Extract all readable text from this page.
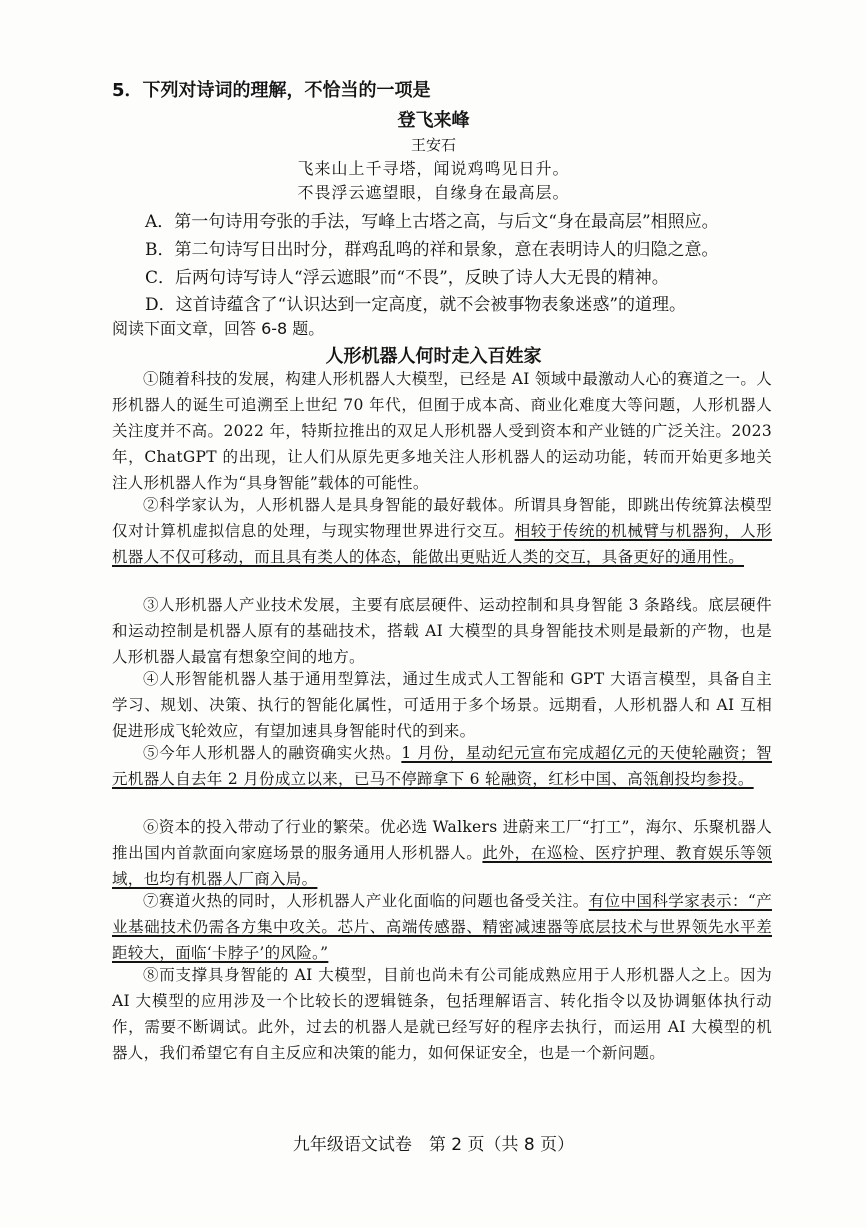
5．下列对诗词的理解，不恰当的一项是
登飞来峰
王安石
飞来山上千寻塔，闻说鸡鸣见日升。
不畏浮云遮望眼，自缘身在最高层。
A．第一句诗用夸张的手法，写峰上古塔之高，与后文“身在最高层”相照应。
B．第二句诗写日出时分，群鸡乱鸣的祥和景象，意在表明诗人的归隐之意。
C．后两句诗写诗人“浮云遮眼”而“不畏”，反映了诗人大无畏的精神。
D．这首诗蕴含了“认识达到一定高度，就不会被事物表象迷惑”的道理。
阅读下面文章，回答 6-8 题。
人形机器人何时走入百姓家
①随着科技的发展，构建人形机器人大模型，已经是 AI 领域中最激动人心的赛道之一。人形机器人的诞生可追溯至上世纪 70 年代，但囿于成本高、商业化难度大等问题，人形机器人关注度并不高。2022 年，特斯拉推出的双足人形机器人受到资本和产业链的广泛关注。2023 年，ChatGPT 的出现，让人们从原先更多地关注人形机器人的运动功能，转而开始更多地关注人形机器人作为“具身智能”载体的可能性。
②科学家认为，人形机器人是具身智能的最好载体。所谓具身智能，即跳出传统算法模型仅对计算机虚拟信息的处理，与现实物理世界进行交互。相较于传统的机械臂与机器狗，人形机器人不仅可移动，而且具有类人的体态，能做出更贴近人类的交互，具备更好的通用性。
③人形机器人产业技术发展，主要有底层硬件、运动控制和具身智能 3 条路线。底层硬件和运动控制是机器人原有的基础技术，搭载 AI 大模型的具身智能技术则是最新的产物，也是人形机器人最富有想象空间的地方。
④人形智能机器人基于通用型算法，通过生成式人工智能和 GPT 大语言模型，具备自主学习、规划、决策、执行的智能化属性，可适用于多个场景。远期看，人形机器人和 AI 互相促进形成飞轮效应，有望加速具身智能时代的到来。
⑤今年人形机器人的融资确实火热。1 月份，星动纪元宣布完成超亿元的天使轮融资；智元机器人自去年 2 月份成立以来，已马不停蹄拿下 6 轮融资，红杉中国、高瓴創投均参投。
⑥资本的投入带动了行业的繁荣。优必选 Walkers 进蔚来工厂“打工”，海尔、乐聚机器人推出国内首款面向家庭场景的服务通用人形机器人。此外，在巡检、医疗护理、教育娱乐等领域，也均有机器人厂商入局。
⑦赛道火热的同时，人形机器人产业化面临的问题也备受关注。有位中国科学家表示：“产业基础技术仍需各方集中攻关。芯片、高端传感器、精密减速器等底层技术与世界领先水平差距较大，面临‘卡脖子’的风险。”
⑧而支撑具身智能的 AI 大模型，目前也尚未有公司能成熟应用于人形机器人之上。因为 AI 大模型的应用涉及一个比较长的逻辑链条，包括理解语言、转化指令以及协调躯体执行动作，需要不断调试。此外，过去的机器人是就已经写好的程序去执行，而运用 AI 大模型的机器人，我们希望它有自主反应和决策的能力，如何保证安全，也是一个新问题。
九年级语文试卷　第 2 页（共 8 页）
